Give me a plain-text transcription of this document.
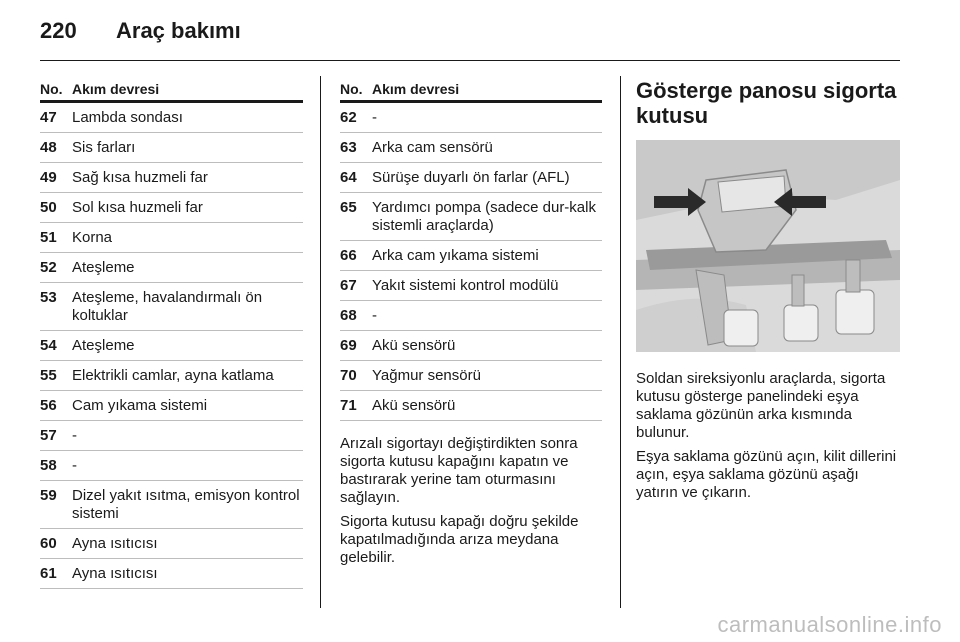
220	Araç bakımı
No. Akım devresi
47	Lambda sondası
48	Sis farları
49	Sağ kısa huzmeli far
50	Sol kısa huzmeli far
51	Korna
52	Ateşleme
53	Ateşleme, havalandırmalı ön koltuklar
54	Ateşleme
55	Elektrikli camlar, ayna katlama
56	Cam yıkama sistemi
57	-
58	-
59	Dizel yakıt ısıtma, emisyon kontrol sistemi
60	Ayna ısıtıcısı
61	Ayna ısıtıcısı
No. Akım devresi
62	-
63	Arka cam sensörü
64	Sürüşe duyarlı ön farlar (AFL)
65	Yardımcı pompa (sadece dur-kalk sistemli araçlarda)
66	Arka cam yıkama sistemi
67	Yakıt sistemi kontrol modülü
68	-
69	Akü sensörü
70	Yağmur sensörü
71	Akü sensörü

Arızalı sigortayı değiştirdikten sonra sigorta kutusu kapağını kapatın ve bastırarak yerine tam oturmasını sağlayın.

Sigorta kutusu kapağı doğru şekilde kapatılmadığında arıza meydana gelebilir.

Gösterge panosu sigorta kutusu

Soldan sireksiyonlu araçlarda, sigorta kutusu gösterge panelindeki eşya saklama gözünün arka kısmında bulunur.

Eşya saklama gözünü açın, kilit dillerini açın, eşya saklama gözünü aşağı yatırın ve çıkarın.

carmanualsonline.info
